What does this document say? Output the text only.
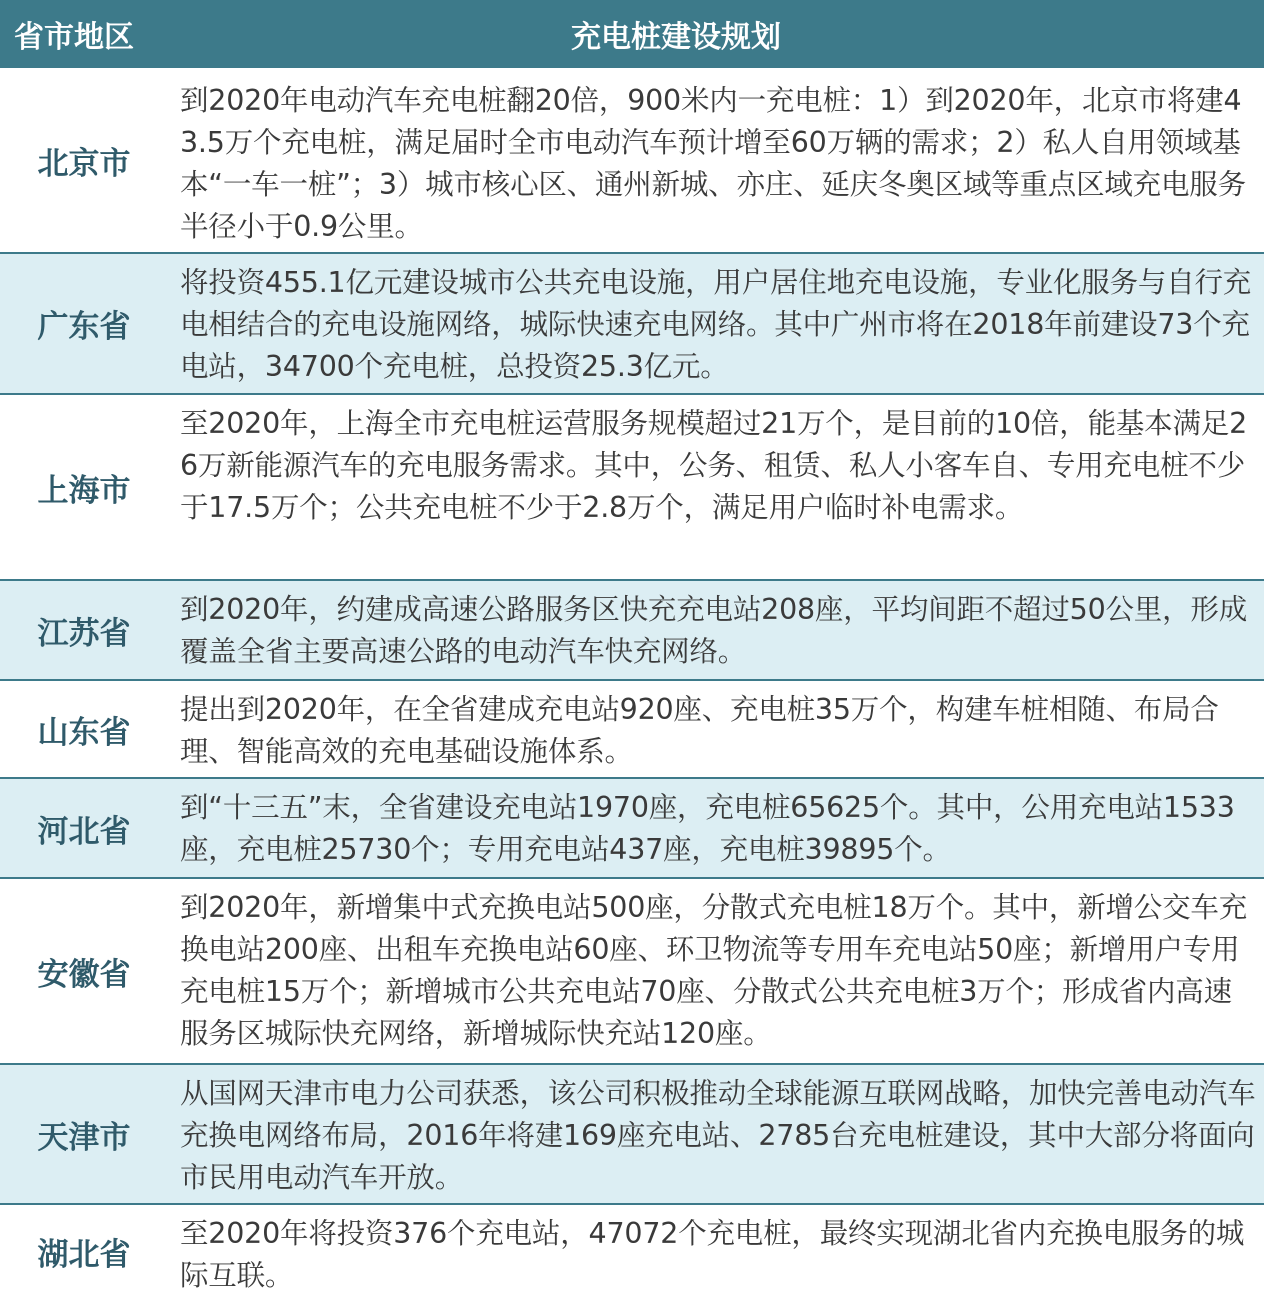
省市地区	充电桩建设规划
北京市
到2020年电动汽车充电桩翻20倍，900米内一充电桩：1）到2020年，北京市将建43.5万个充电桩，满足届时全市电动汽车预计增至60万辆的需求；2）私人自用领域基本“一车一桩”；3）城市核心区、通州新城、亦庄、延庆冬奥区域等重点区域充电服务半径小于0.9公里。
广东省
将投资455.1亿元建设城市公共充电设施，用户居住地充电设施，专业化服务与自行充电相结合的充电设施网络，城际快速充电网络。其中广州市将在2018年前建设73个充电站，34700个充电桩，总投资25.3亿元。
上海市
至2020年，上海全市充电桩运营服务规模超过21万个，是目前的10倍，能基本满足26万新能源汽车的充电服务需求。其中，公务、租赁、私人小客车自、专用充电桩不少于17.5万个；公共充电桩不少于2.8万个，满足用户临时补电需求。
江苏省
到2020年，约建成高速公路服务区快充充电站208座，平均间距不超过50公里，形成覆盖全省主要高速公路的电动汽车快充网络。
山东省
提出到2020年，在全省建成充电站920座、充电桩35万个，构建车桩相随、布局合理、智能高效的充电基础设施体系。
河北省
到“十三五”末，全省建设充电站1970座，充电桩65625个。其中，公用充电站1533座，充电桩25730个；专用充电站437座，充电桩39895个。
安徽省
到2020年，新增集中式充换电站500座，分散式充电桩18万个。其中，新增公交车充换电站200座、出租车充换电站60座、环卫物流等专用车充电站50座；新增用户专用充电桩15万个；新增城市公共充电站70座、分散式公共充电桩3万个；形成省内高速服务区城际快充网络，新增城际快充站120座。
天津市
从国网天津市电力公司获悉，该公司积极推动全球能源互联网战略，加快完善电动汽车充换电网络布局，2016年将建169座充电站、2785台充电桩建设，其中大部分将面向市民用电动汽车开放。
湖北省
至2020年将投资376个充电站，47072个充电桩，最终实现湖北省内充换电服务的城际互联。
